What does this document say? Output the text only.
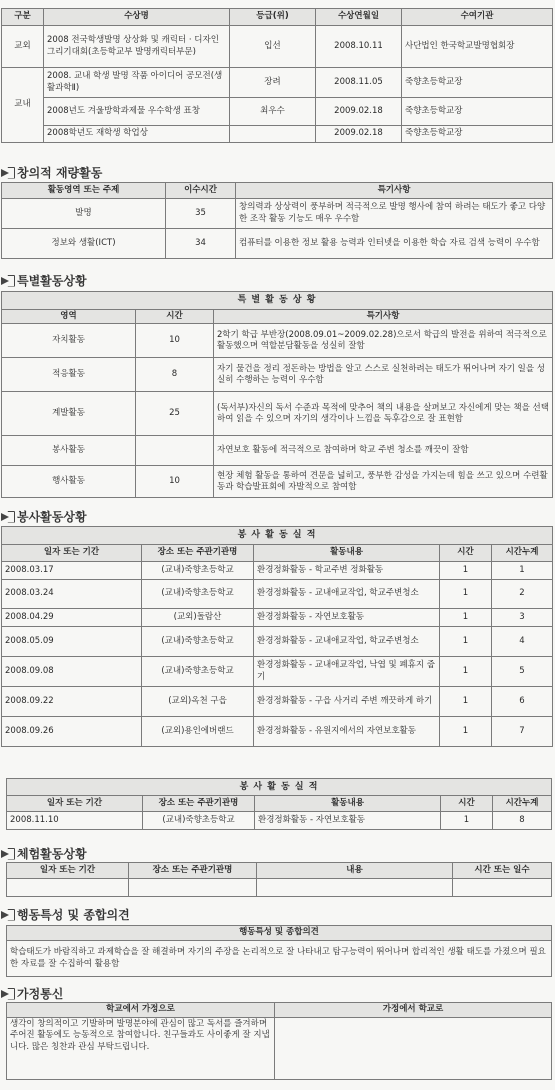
구분	수상명	등급(위)	수상연월일	수여기관
교외	2008 전국학생발명 상상화 및 캐릭터 · 디자인 그리기대회(초등학교부 발명캐릭터부문)	입선	2008.10.11	사단법인 한국학교발명협회장
교내	2008. 교내 학생 발명 작품 아이디어 공모전(생활과학Ⅱ)	장려	2008.11.05	죽향초등학교장
	2008년도 겨울방학과제물 우수학생 표창	최우수	2009.02.18	죽향초등학교장
	2008학년도 재학생 학업상		2009.02.18	죽향초등학교장
창의적 재량활동
활동영역 또는 주제	이수시간	특기사항
발명	35	창의력과 상상력이 풍부하며 적극적으로 발명 행사에 참여 하려는 태도가 좋고 다양한 조작 활동 기능도 매우 우수함
정보와 생활(ICT)	34	컴퓨터를 이용한 정보 활용 능력과 인터넷을 이용한 학습 자료 검색 능력이 우수함
특별활동상황
특 별 활 동 상 황		
영역	시간	특기사항
자치활동	10	2학기 학급 부반장(2008.09.01~2009.02.28)으로서 학급의 발전을 위하여 적극적으로 활동했으며 역할분담활동을 성실히 잘함
적응활동	8	자기 물건을 정리 정돈하는 방법을 알고 스스로 실천하려는 태도가 뛰어나며 자기 일을 성실히 수행하는 능력이 우수함
계발활동	25	(독서부)자신의 독서 수준과 목적에 맞추어 책의 내용을 살펴보고 자신에게 맞는 책을 선택하여 읽을 수 있으며 자기의 생각이나 느낌을 독후감으로 잘 표현함
봉사활동		자연보호 활동에 적극적으로 참여하며 학교 주변 청소를 깨끗이 잘함
행사활동	10	현장 체험 활동을 통하여 견문을 넓히고, 풍부한 감성을 가지는데 힘을 쓰고 있으며 수련활동과 학습발표회에 자발적으로 참여함
봉사활동상황
봉 사 활 동 실 적				
일자 또는 기간	장소 또는 주관기관명	활동내용	시간	시간누계
2008.03.17	(교내)죽향초등학교	환경정화활동 - 학교주변 정화활동	1	1
2008.03.24	(교내)죽향초등학교	환경정화활동 - 교내애교작업, 학교주변청소	1	2
2008.04.29	(교외)돌람산	환경정화활동 - 자연보호활동	1	3
2008.05.09	(교내)죽향초등학교	환경정화활동 - 교내애교작업, 학교주변청소	1	4
2008.09.08	(교내)죽향초등학교	환경정화활동 - 교내애교작업, 낙엽 및 폐휴지 줍기	1	5
2008.09.22	(교외)옥천 구읍	환경정화활동 - 구읍 사거리 주변 깨끗하게 하기	1	6
2008.09.26	(교외)용인에버랜드	환경정화활동 - 유원지에서의 자연보호활동	1	7
봉 사 활 동 실 적				
일자 또는 기간	장소 또는 주관기관명	활동내용	시간	시간누계
2008.11.10	(교내)죽향초등학교	환경정화활동 - 자연보호활동	1	8
체험활동상황
일자 또는 기간	장소 또는 주관기관명	내용	시간 또는 일수

행동특성 및 종합의견
행동특성 및 종합의견
학습태도가 바람직하고 과제학습을 잘 해결하며 자기의 주장을 논리적으로 잘 나타내고 탐구능력이 뛰어나며 합리적인 생활 태도를 가졌으며 필요한 자료를 잘 수집하여 활용함
가정통신
학교에서 가정으로	가정에서 학교로
생각이 창의적이고 기발하며 발명분야에 관심이 많고 독서를 즐겨하며 주어진 활동에도 능동적으로 참여합니다. 친구들과도 사이좋게 잘 지냅니다. 많은 칭찬과 관심 부탁드립니다.	
